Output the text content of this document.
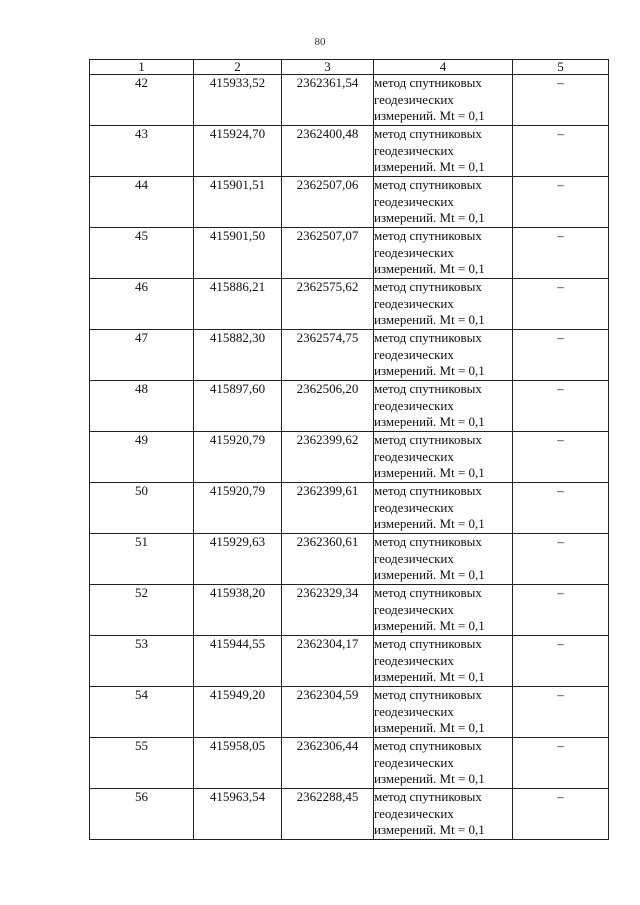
80
1	2	3	4	5
42	415933,52	2362361,54	метод спутниковых
геодезических
измерений. Mt = 0,1	–
43	415924,70	2362400,48	метод спутниковых
геодезических
измерений. Mt = 0,1	–
44	415901,51	2362507,06	метод спутниковых
геодезических
измерений. Mt = 0,1	–
45	415901,50	2362507,07	метод спутниковых
геодезических
измерений. Mt = 0,1	–
46	415886,21	2362575,62	метод спутниковых
геодезических
измерений. Mt = 0,1	–
47	415882,30	2362574,75	метод спутниковых
геодезических
измерений. Mt = 0,1	–
48	415897,60	2362506,20	метод спутниковых
геодезических
измерений. Mt = 0,1	–
49	415920,79	2362399,62	метод спутниковых
геодезических
измерений. Mt = 0,1	–
50	415920,79	2362399,61	метод спутниковых
геодезических
измерений. Mt = 0,1	–
51	415929,63	2362360,61	метод спутниковых
геодезических
измерений. Mt = 0,1	–
52	415938,20	2362329,34	метод спутниковых
геодезических
измерений. Mt = 0,1	–
53	415944,55	2362304,17	метод спутниковых
геодезических
измерений. Mt = 0,1	–
54	415949,20	2362304,59	метод спутниковых
геодезических
измерений. Mt = 0,1	–
55	415958,05	2362306,44	метод спутниковых
геодезических
измерений. Mt = 0,1	–
56	415963,54	2362288,45	метод спутниковых
геодезических
измерений. Mt = 0,1	–
